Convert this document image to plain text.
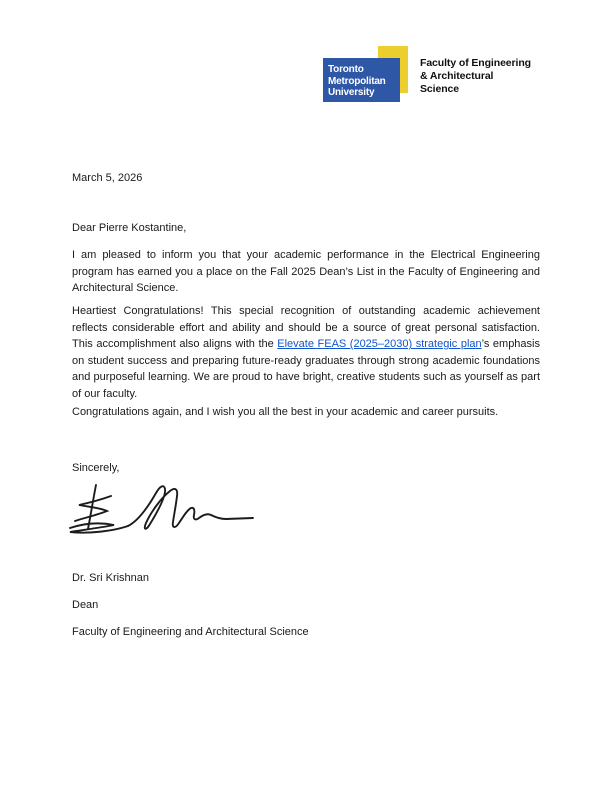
Toronto
Metropolitan
University
Faculty of Engineering
& Architectural
Science
March 5, 2026
Dear Pierre Kostantine,

I am pleased to inform you that your academic performance in the Electrical Engineering program has earned you a place on the Fall 2025 Dean’s List in the Faculty of Engineering and Architectural Science.

Heartiest Congratulations! This special recognition of outstanding academic achievement reflects considerable effort and ability and should be a source of great personal satisfaction. This accomplishment also aligns with the Elevate FEAS (2025–2030) strategic plan’s emphasis on student success and preparing future-ready graduates through strong academic foundations and purposeful learning. We are proud to have bright, creative students such as yourself as part of our faculty.

Congratulations again, and I wish you all the best in your academic and career pursuits.

Sincerely,
Dr. Sri Krishnan
Dean
Faculty of Engineering and Architectural Science
